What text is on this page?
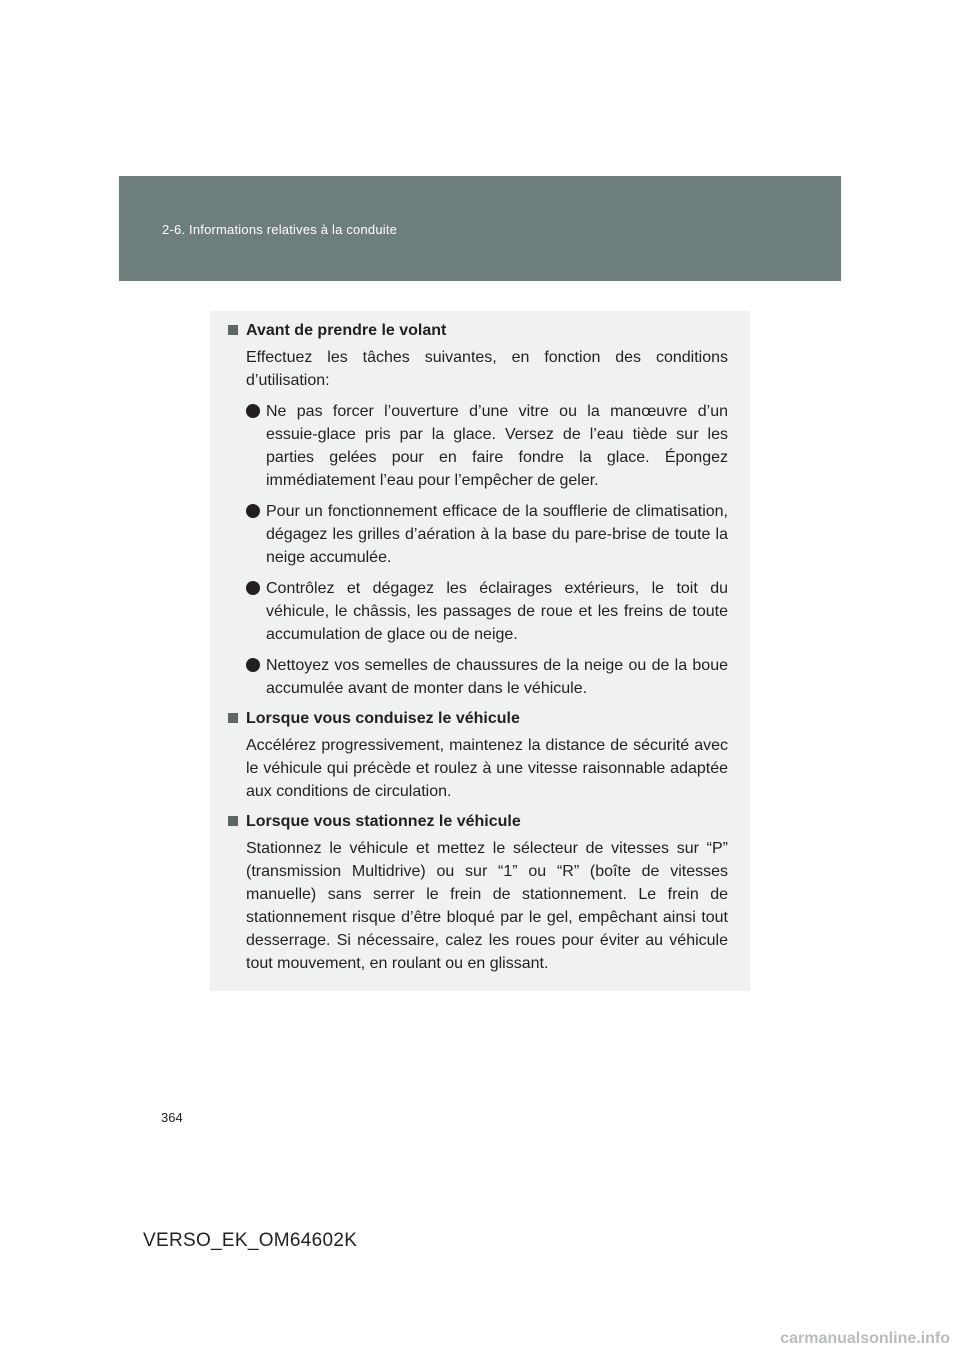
2-6. Informations relatives à la conduite
Avant de prendre le volant
Effectuez les tâches suivantes, en fonction des conditions d’utilisation:
Ne pas forcer l’ouverture d’une vitre ou la manœuvre d’un essuie-glace pris par la glace. Versez de l’eau tiède sur les parties gelées pour en faire fondre la glace. Épongez immédiatement l’eau pour l’empêcher de geler.
Pour un fonctionnement efficace de la soufflerie de climatisation, dégagez les grilles d’aération à la base du pare-brise de toute la neige accumulée.
Contrôlez et dégagez les éclairages extérieurs, le toit du véhicule, le châssis, les passages de roue et les freins de toute accumulation de glace ou de neige.
Nettoyez vos semelles de chaussures de la neige ou de la boue accumulée avant de monter dans le véhicule.
Lorsque vous conduisez le véhicule
Accélérez progressivement, maintenez la distance de sécurité avec le véhicule qui précède et roulez à une vitesse raisonnable adaptée aux conditions de circulation.
Lorsque vous stationnez le véhicule
Stationnez le véhicule et mettez le sélecteur de vitesses sur “P” (transmission Multidrive) ou sur “1” ou “R” (boîte de vitesses manuelle) sans serrer le frein de stationnement. Le frein de stationnement risque d’être bloqué par le gel, empêchant ainsi tout desserrage. Si nécessaire, calez les roues pour éviter au véhicule tout mouvement, en roulant ou en glissant.
364
VERSO_EK_OM64602K
carmanualsonline.info
